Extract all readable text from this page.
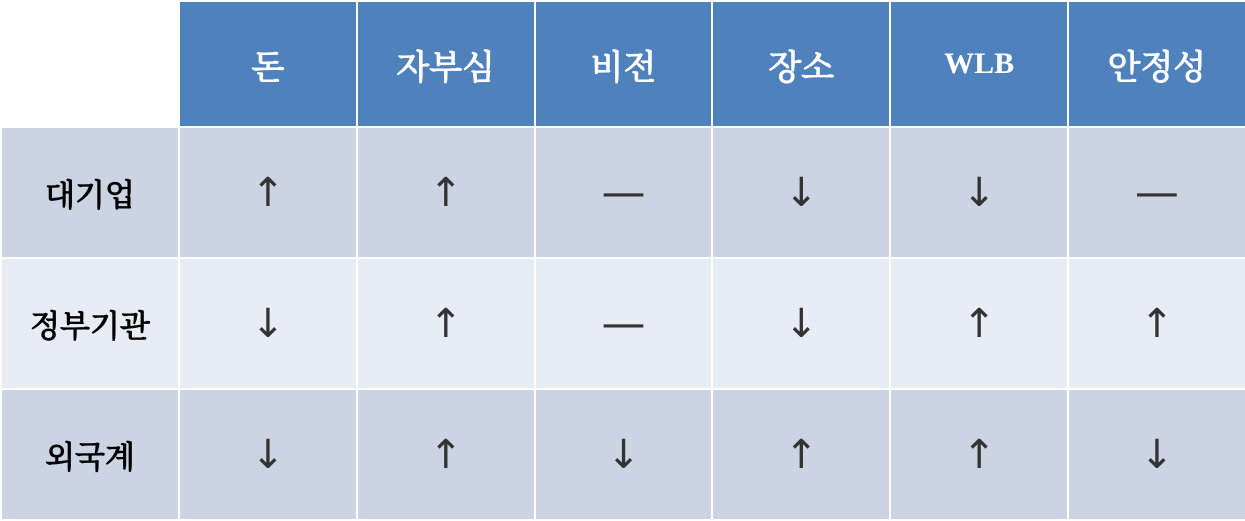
	돈	자부심	비전	장소	WLB	안정성
대기업	↑	↑	—	↓	↓	—
정부기관	↓	↑	—	↓	↑	↑
외국계	↓	↑	↓	↑	↑	↓
